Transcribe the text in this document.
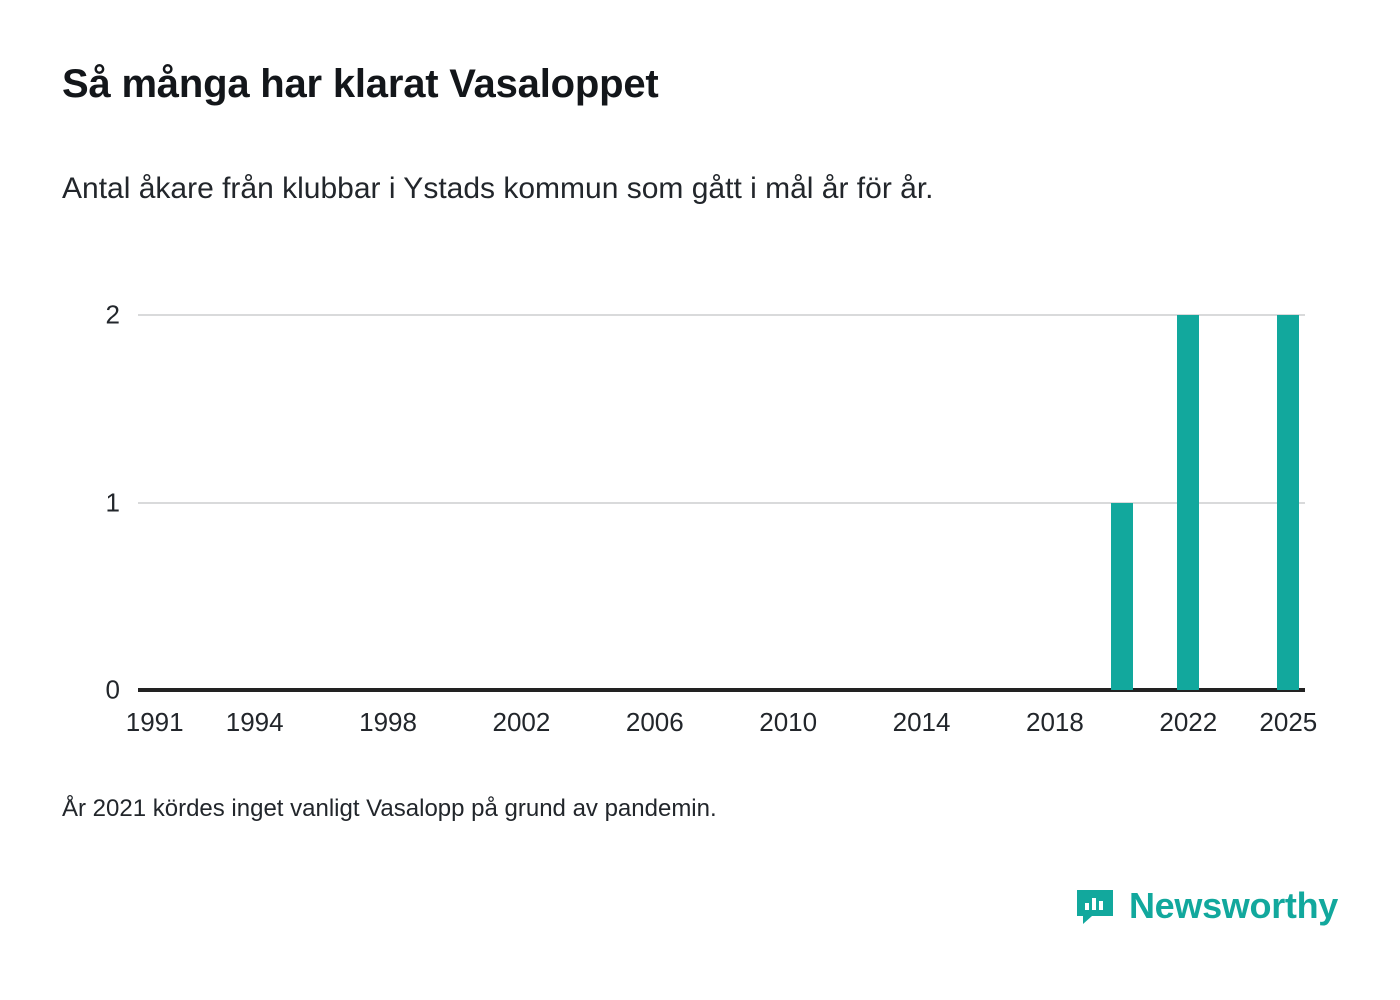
Så många har klarat Vasaloppet
Antal åkare från klubbar i Ystads kommun som gått i mål år för år.
0
1
2
1991 1994	1998	2002	2006	2010	2014	2018	2022 2025
År 2021 kördes inget vanligt Vasalopp på grund av pandemin.
Newsworthy
